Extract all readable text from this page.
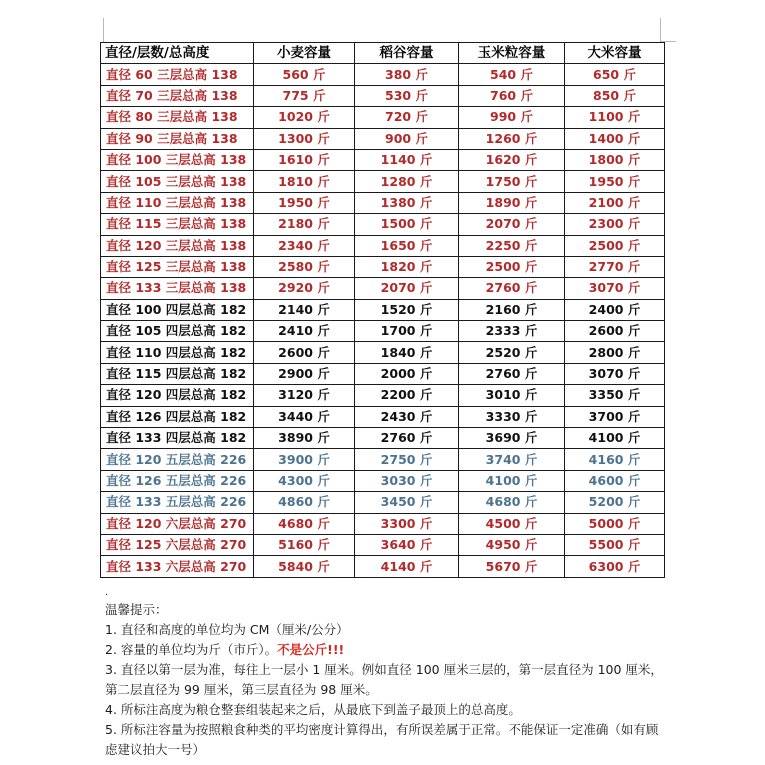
直径/层数/总高度	小麦容量	稻谷容量	玉米粒容量	大米容量
直径 60 三层总高 138	560 斤	380 斤	540 斤	650 斤
直径 70 三层总高 138	775 斤	530 斤	760 斤	850 斤
直径 80 三层总高 138	1020 斤	720 斤	990 斤	1100 斤
直径 90 三层总高 138	1300 斤	900 斤	1260 斤	1400 斤
直径 100 三层总高 138	1610 斤	1140 斤	1620 斤	1800 斤
直径 105 三层总高 138	1810 斤	1280 斤	1750 斤	1950 斤
直径 110 三层总高 138	1950 斤	1380 斤	1890 斤	2100 斤
直径 115 三层总高 138	2180 斤	1500 斤	2070 斤	2300 斤
直径 120 三层总高 138	2340 斤	1650 斤	2250 斤	2500 斤
直径 125 三层总高 138	2580 斤	1820 斤	2500 斤	2770 斤
直径 133 三层总高 138	2920 斤	2070 斤	2760 斤	3070 斤
直径 100 四层总高 182	2140 斤	1520 斤	2160 斤	2400 斤
直径 105 四层总高 182	2410 斤	1700 斤	2333 斤	2600 斤
直径 110 四层总高 182	2600 斤	1840 斤	2520 斤	2800 斤
直径 115 四层总高 182	2900 斤	2000 斤	2760 斤	3070 斤
直径 120 四层总高 182	3120 斤	2200 斤	3010 斤	3350 斤
直径 126 四层总高 182	3440 斤	2430 斤	3330 斤	3700 斤
直径 133 四层总高 182	3890 斤	2760 斤	3690 斤	4100 斤
直径 120 五层总高 226	3900 斤	2750 斤	3740 斤	4160 斤
直径 126 五层总高 226	4300 斤	3030 斤	4100 斤	4600 斤
直径 133 五层总高 226	4860 斤	3450 斤	4680 斤	5200 斤
直径 120 六层总高 270	4680 斤	3300 斤	4500 斤	5000 斤
直径 125 六层总高 270	5160 斤	3640 斤	4950 斤	5500 斤
直径 133 六层总高 270	5840 斤	4140 斤	5670 斤	6300 斤
.
温馨提示：
1. 直径和高度的单位均为 CM（厘米/公分）
2. 容量的单位均为斤（市斤）。不是公斤!!!
3. 直径以第一层为准，每往上一层小 1 厘米。例如直径 100 厘米三层的，第一层直径为 100 厘米，第二层直径为 99 厘米，第三层直径为 98 厘米。
4. 所标注高度为粮仓整套组装起来之后，从最底下到盖子最顶上的总高度。
5. 所标注容量为按照粮食种类的平均密度计算得出，有所误差属于正常。不能保证一定准确（如有顾虑建议拍大一号）
